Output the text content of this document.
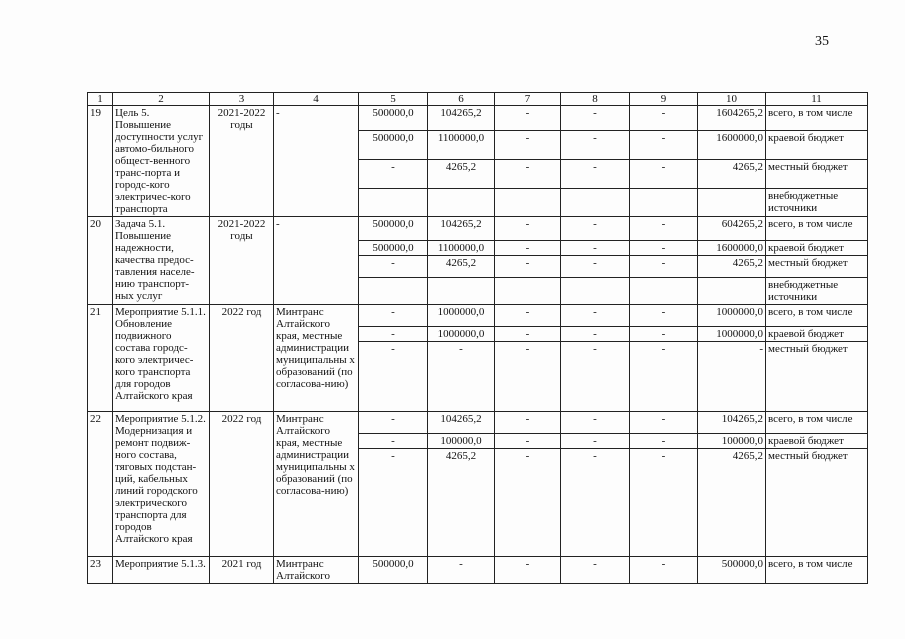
35
1	2	3	4	5	6	7	8	9	10	11
19	Цель 5. Повышение доступности услуг автомо-бильного общест-венного транс-порта и городс-кого электричес-кого транспорта	2021-2022 годы	-	500000,0	104265,2	-	-	-	1604265,2	всего, в том числе
				500000,0	1100000,0	-	-	-	1600000,0	краевой бюджет
				-	4265,2	-	-	-	4265,2	местный бюджет
										внебюджетные источники
20	Задача 5.1. Повышение надежности, качества предос-тавления населе-нию транспорт-ных услуг	2021-2022 годы	-	500000,0	104265,2	-	-	-	604265,2	всего, в том числе
				500000,0	1100000,0	-	-	-	1600000,0	краевой бюджет
				-	4265,2	-	-	-	4265,2	местный бюджет
										внебюджетные источники
21	Мероприятие 5.1.1. Обновление подвижного состава городс-кого электричес-кого транспорта для городов Алтайского края	2022 год	Минтранс Алтайского края, местные администрации муниципальны х образований (по согласова-нию)	-	1000000,0	-	-	-	1000000,0	всего, в том числе
				-	1000000,0	-	-	-	1000000,0	краевой бюджет
				-	-	-	-	-	-	местный бюджет
22	Мероприятие 5.1.2. Модернизация и ремонт подвиж-ного состава, тяговых подстан-ций, кабельных линий городского электрического транспорта для городов Алтайского края	2022 год	Минтранс Алтайского края, местные администрации муниципальны х образований (по согласова-нию)	-	104265,2	-	-	-	104265,2	всего, в том числе
				-	100000,0	-	-	-	100000,0	краевой бюджет
				-	4265,2	-	-	-	4265,2	местный бюджет
23	Мероприятие 5.1.3.	2021 год	Минтранс Алтайского	500000,0	-	-	-	-	500000,0	всего, в том числе
